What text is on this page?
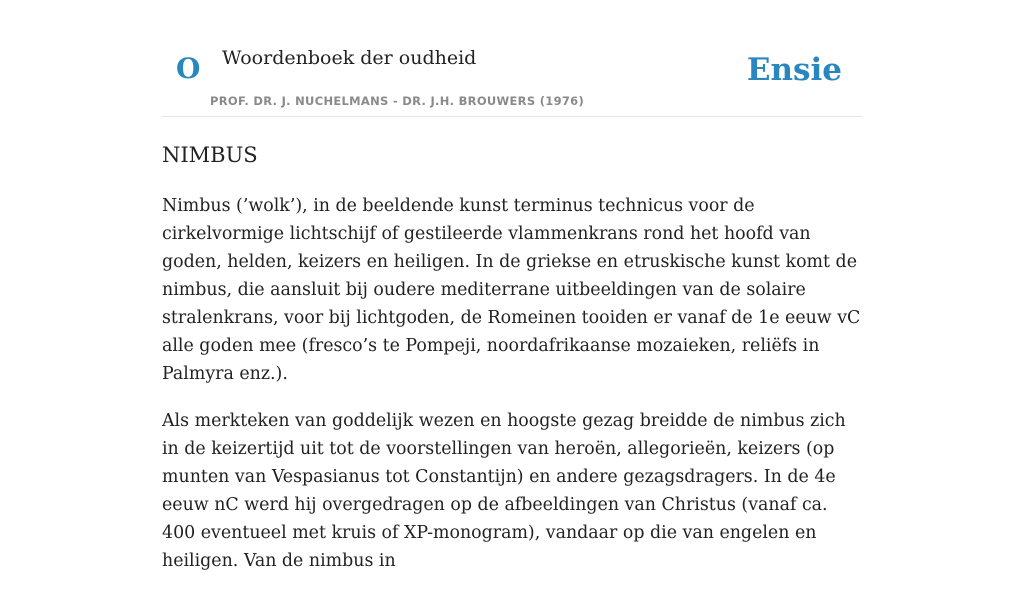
O Woordenboek der oudheid
PROF. DR. J. NUCHELMANS - DR. J.H. BROUWERS (1976)
Ensie
NIMBUS

Nimbus (’wolk’), in de beeldende kunst terminus technicus voor de cirkelvormige lichtschijf of gestileerde vlammenkrans rond het hoofd van goden, helden, keizers en heiligen. In de griekse en etruskische kunst komt de nimbus, die aansluit bij oudere mediterrane uitbeeldingen van de solaire stralenkrans, voor bij lichtgoden, de Romeinen tooiden er vanaf de 1e eeuw vC alle goden mee (fresco’s te Pompeji, noordafrikaanse mozaieken, reliëfs in Palmyra enz.).

Als merkteken van goddelijk wezen en hoogste gezag breidde de nimbus zich in de keizertijd uit tot de voorstellingen van heroën, allegorieën, keizers (op munten van Vespasianus tot Constantijn) en andere gezagsdragers. In de 4e eeuw nC werd hij overgedragen op de afbeeldingen van Christus (vanaf ca. 400 eventueel met kruis of XP-monogram), vandaar op die van engelen en heiligen. Van de nimbus in
